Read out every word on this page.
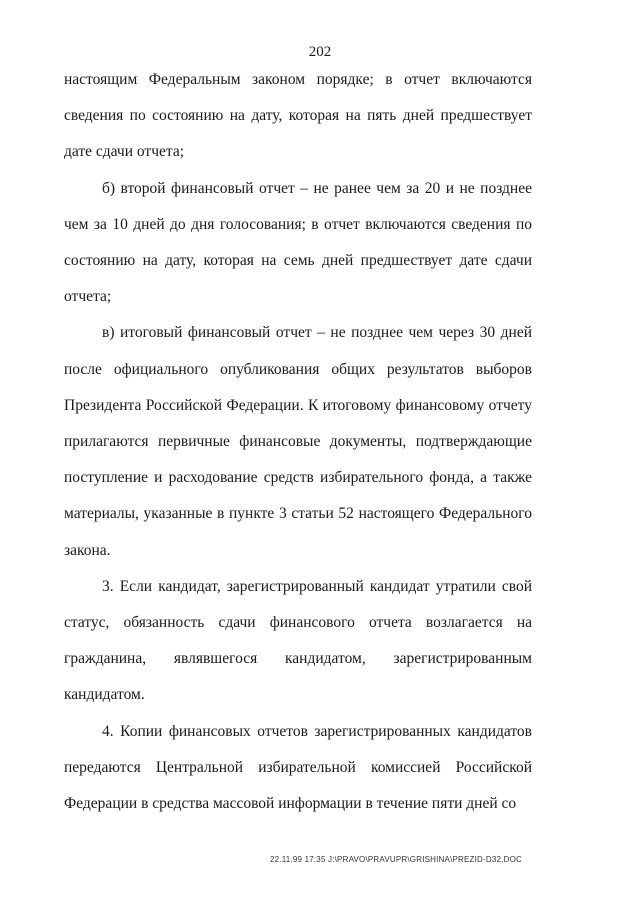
202

настоящим Федеральным законом порядке; в отчет включаются сведения по состоянию на дату, которая на пять дней предшествует дате сдачи отчета;

б) второй финансовый отчет – не ранее чем за 20 и не позднее чем за 10 дней до дня голосования; в отчет включаются сведения по состоянию на дату, которая на семь дней предшествует дате сдачи отчета;

в) итоговый финансовый отчет – не позднее чем через 30 дней после официального опубликования общих результатов выборов Президента Российской Федерации. К итоговому финансовому отчету прилагаются первичные финансовые документы, подтверждающие поступление и расходование средств избирательного фонда, а также материалы, указанные в пункте 3 статьи 52 настоящего Федерального закона.

3. Если кандидат, зарегистрированный кандидат утратили свой статус, обязанность сдачи финансового отчета возлагается на гражданина, являвшегося кандидатом, зарегистрированным кандидатом.

4. Копии финансовых отчетов зарегистрированных кандидатов передаются Центральной избирательной комиссией Российской Федерации в средства массовой информации в течение пяти дней со

22.11.99 17:35 J:\PRAVO\PRAVUPR\GRISHINA\PREZID-D32.DOC
